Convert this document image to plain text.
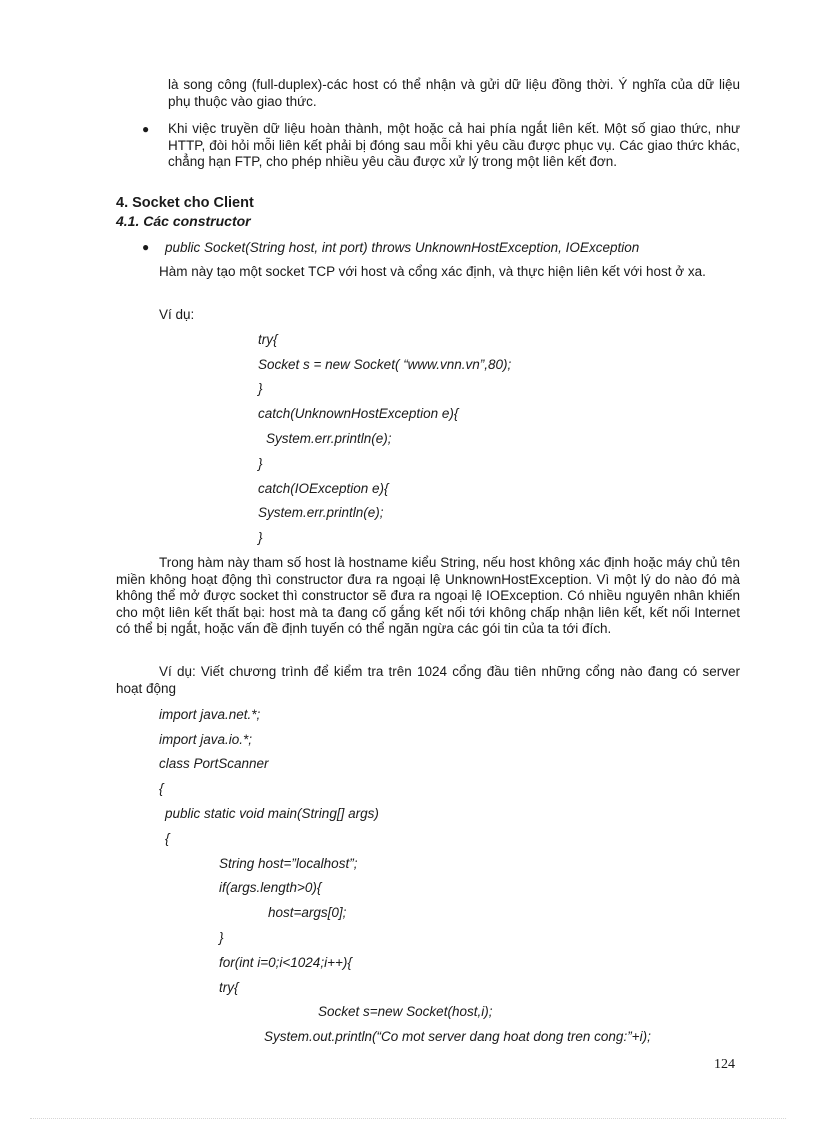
là song công (full-duplex)-các host có thể nhận và gửi dữ liệu đồng thời. Ý nghĩa của dữ liệu phụ thuộc vào giao thức.
● Khi việc truyền dữ liệu hoàn thành, một hoặc cả hai phía ngắt liên kết. Một số giao thức, như HTTP, đòi hỏi mỗi liên kết phải bị đóng sau mỗi khi yêu cầu được phục vụ. Các giao thức khác, chẳng hạn FTP, cho phép nhiều yêu cầu được xử lý trong một liên kết đơn.
4. Socket cho Client
4.1. Các constructor
● public Socket(String host, int port) throws UnknownHostException, IOException
Hàm này tạo một socket TCP với host và cổng xác định, và thực hiện liên kết với host ở xa.
Ví dụ:
try{
Socket s = new Socket( “www.vnn.vn”,80);
}
catch(UnknownHostException e){
System.err.println(e);
}
catch(IOException e){
System.err.println(e);
}
Trong hàm này tham số host là hostname kiểu String, nếu host không xác định hoặc máy chủ tên miền không hoạt động thì constructor đưa ra ngoại lệ UnknownHostException. Vì một lý do nào đó mà không thể mở được socket thì constructor sẽ đưa ra ngoại lệ IOException. Có nhiều nguyên nhân khiến cho một liên kết thất bại: host mà ta đang cố gắng kết nối tới không chấp nhận liên kết, kết nối Internet có thể bị ngắt, hoặc vấn đề định tuyến có thể ngăn ngừa các gói tin của ta tới đích.
Ví dụ: Viết chương trình để kiểm tra trên 1024 cổng đầu tiên những cổng nào đang có server hoạt động
import java.net.*;
import java.io.*;
class PortScanner
{
public static void main(String[] args)
{
String host=”localhost”;
if(args.length>0){
host=args[0];
}
for(int i=0;i<1024;i++){
try{
Socket s=new Socket(host,i);
System.out.println(“Co mot server dang hoat dong tren cong:”+i);
124
